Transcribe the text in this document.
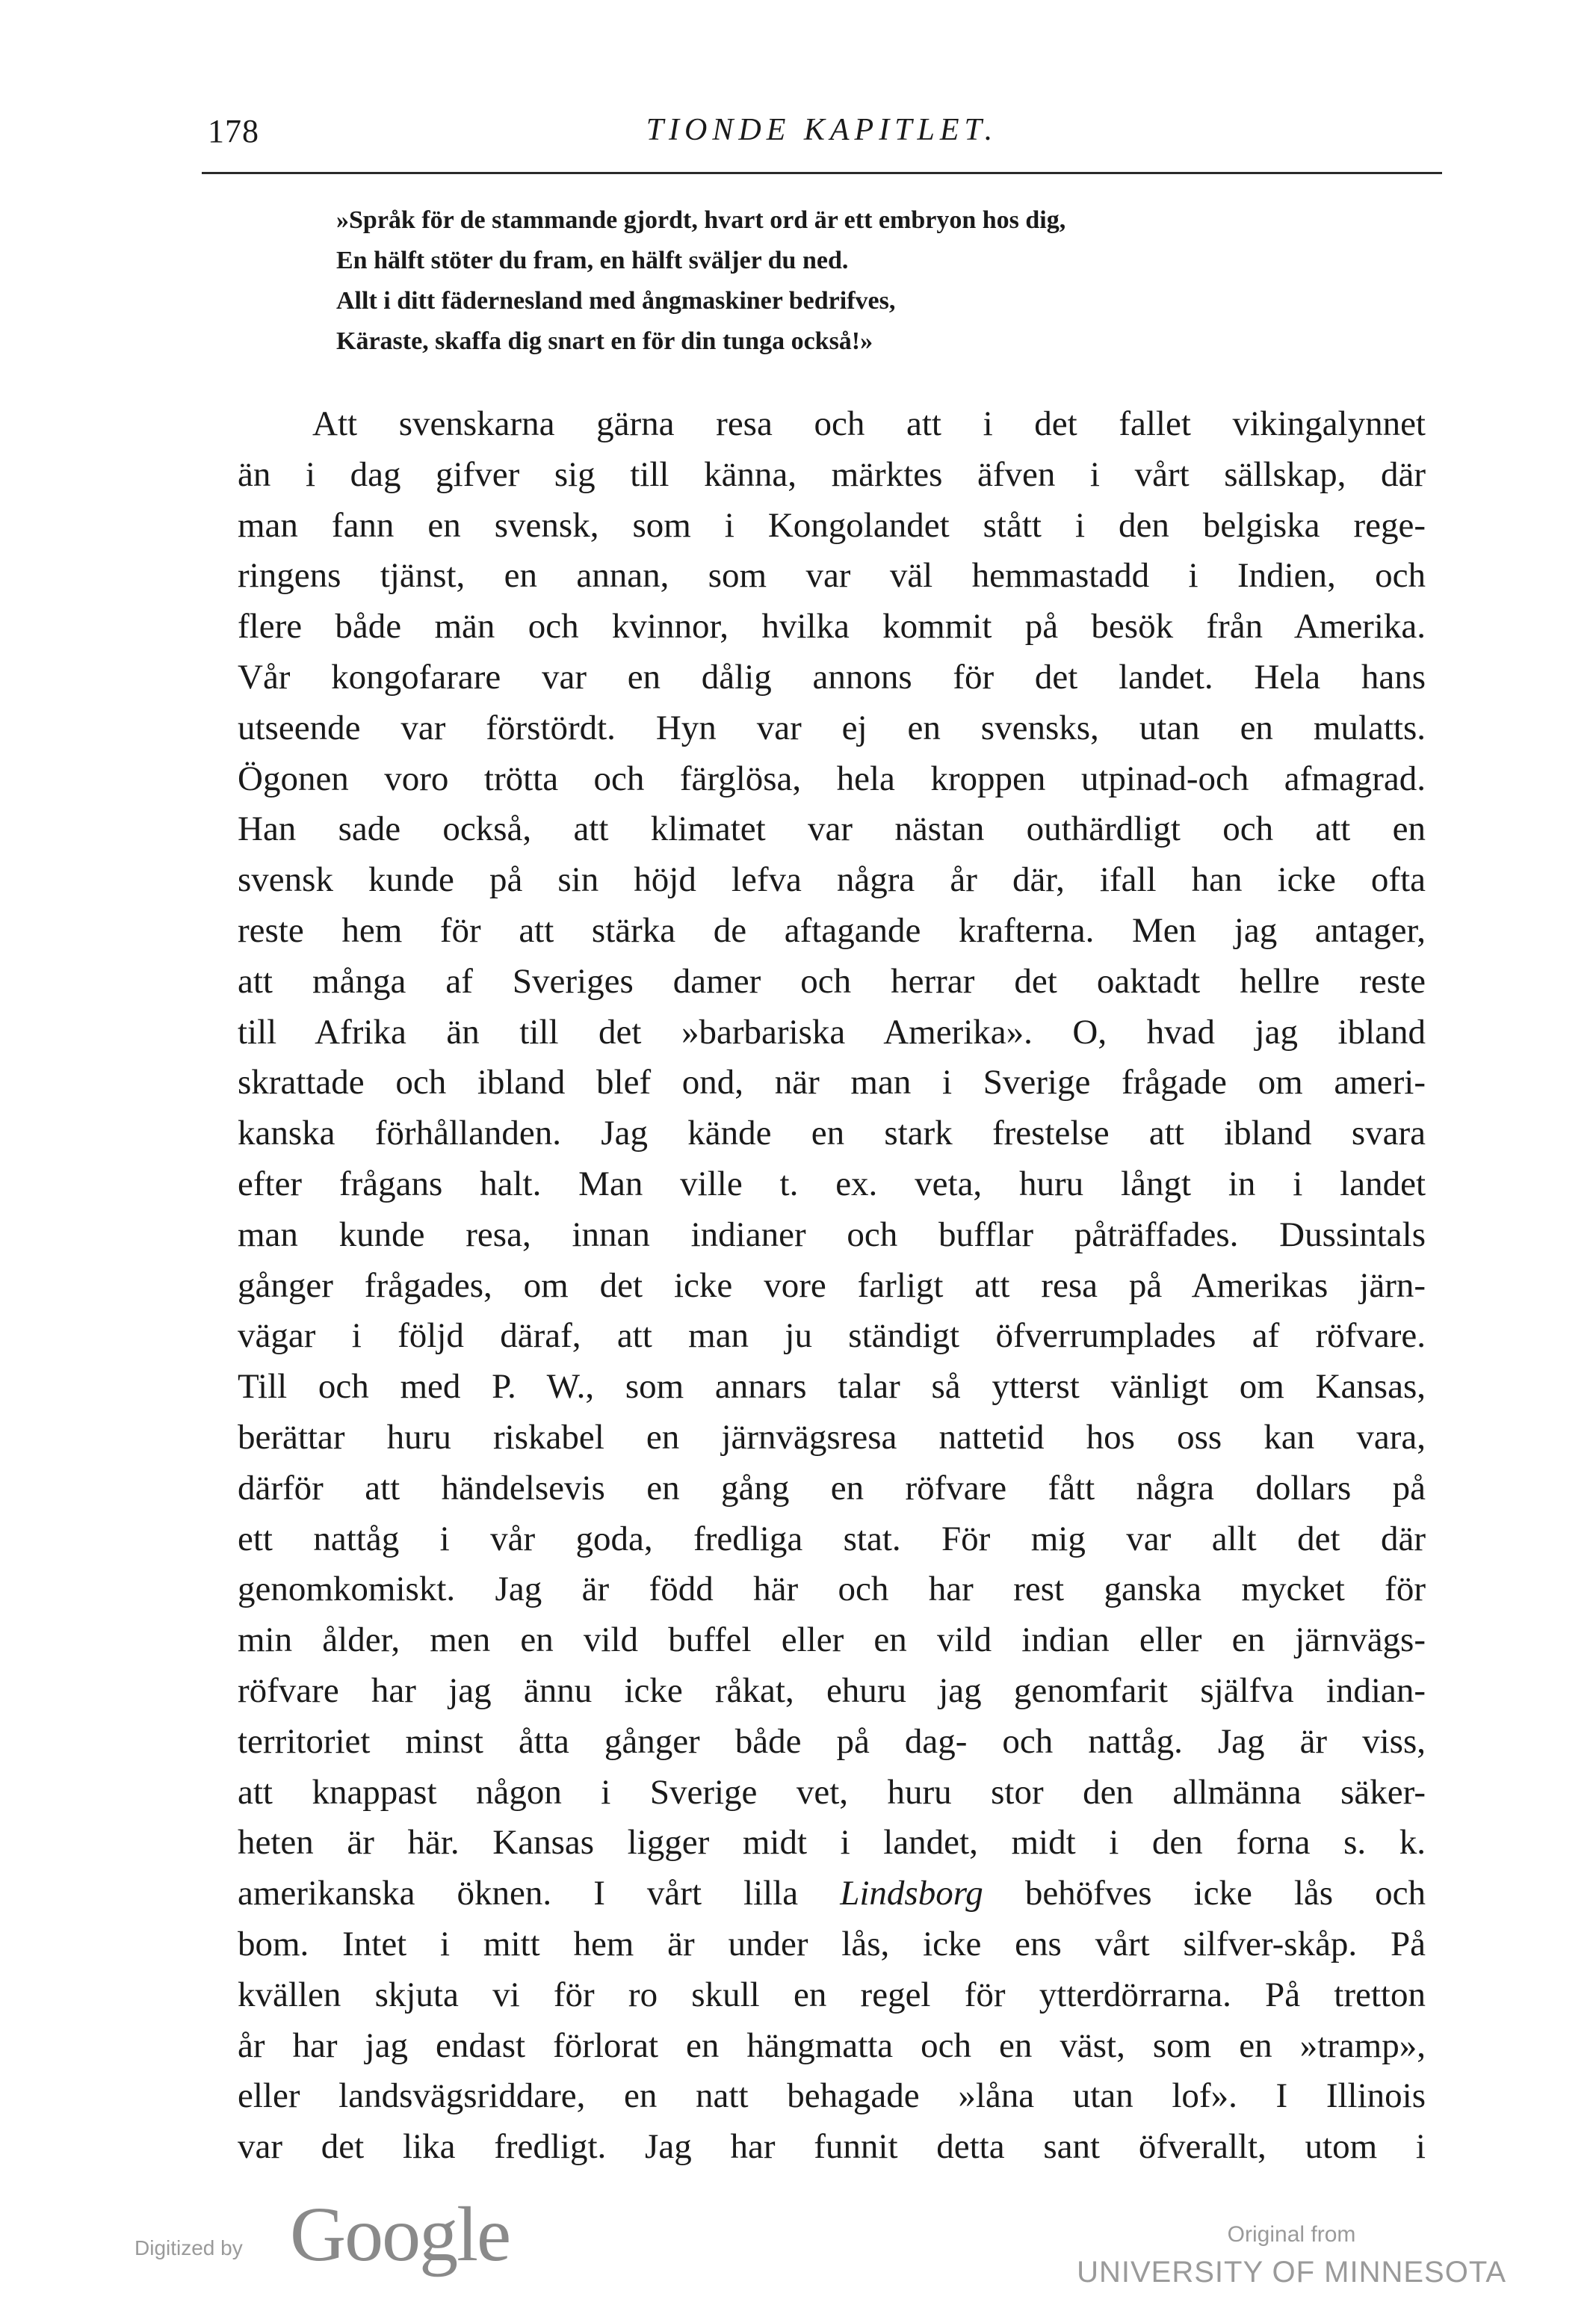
178	TIONDE KAPITLET.
»Språk för de stammande gjordt, hvart ord är ett embryon hos dig,
En hälft stöter du fram, en hälft sväljer du ned.
Allt i ditt fädernesland med ångmaskiner bedrifves,
Käraste, skaffa dig snart en för din tunga också!»
Att svenskarna gärna resa och att i det fallet vikingalynnet
än i dag gifver sig till känna, märktes äfven i vårt sällskap, där
man fann en svensk, som i Kongolandet stått i den belgiska rege-
ringens tjänst, en annan, som var väl hemmastadd i Indien, och
flere både män och kvinnor, hvilka kommit på besök från Amerika.
Vår kongofarare var en dålig annons för det landet. Hela hans
utseende var förstördt. Hyn var ej en svensks, utan en mulatts.
Ögonen voro trötta och färglösa, hela kroppen utpinad-och afmagrad.
Han sade också, att klimatet var nästan outhärdligt och att en
svensk kunde på sin höjd lefva några år där, ifall han icke ofta
reste hem för att stärka de aftagande krafterna. Men jag antager,
att många af Sveriges damer och herrar det oaktadt hellre reste
till Afrika än till det »barbariska Amerika». O, hvad jag ibland
skrattade och ibland blef ond, när man i Sverige frågade om ameri-
kanska förhållanden. Jag kände en stark frestelse att ibland svara
efter frågans halt. Man ville t. ex. veta, huru långt in i landet
man kunde resa, innan indianer och bufflar påträffades. Dussintals
gånger frågades, om det icke vore farligt att resa på Amerikas järn-
vägar i följd däraf, att man ju ständigt öfverrumplades af röfvare.
Till och med P. W., som annars talar så ytterst vänligt om Kansas,
berättar huru riskabel en järnvägsresa nattetid hos oss kan vara,
därför att händelsevis en gång en röfvare fått några dollars på
ett nattåg i vår goda, fredliga stat. För mig var allt det där
genomkomiskt. Jag är född här och har rest ganska mycket för
min ålder, men en vild buffel eller en vild indian eller en järnvägs-
röfvare har jag ännu icke råkat, ehuru jag genomfarit själfva indian-
territoriet minst åtta gånger både på dag- och nattåg. Jag är viss,
att knappast någon i Sverige vet, huru stor den allmänna säker-
heten är här. Kansas ligger midt i landet, midt i den forna s. k.
amerikanska öknen. I vårt lilla Lindsborg behöfves icke lås och
bom. Intet i mitt hem är under lås, icke ens vårt silfver-skåp. På
kvällen skjuta vi för ro skull en regel för ytterdörrarna. På tretton
år har jag endast förlorat en hängmatta och en väst, som en »tramp»,
eller landsvägsriddare, en natt behagade »låna utan lof». I Illinois
var det lika fredligt. Jag har funnit detta sant öfverallt, utom i
Digitized by Google	Original from
UNIVERSITY OF MINNESOTA
